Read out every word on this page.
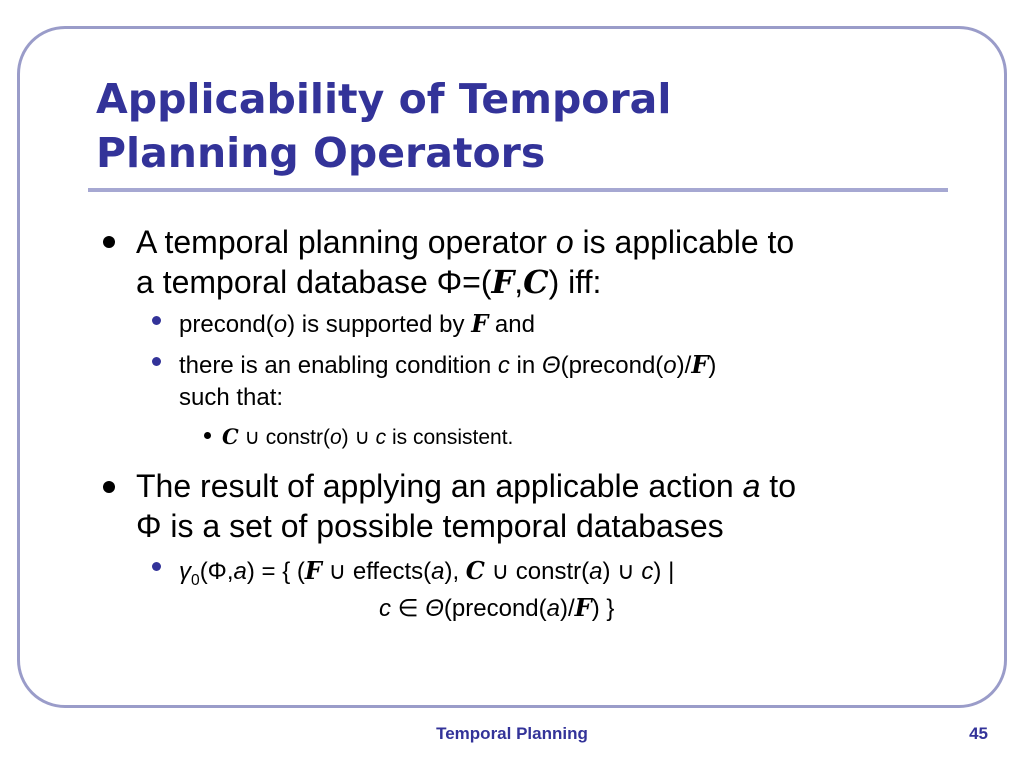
Applicability of Temporal
Planning Operators
A temporal planning operator o is applicable to
a temporal database Φ=(F,C) iff:
precond(o) is supported by F and
there is an enabling condition c in Θ(precond(o)/F)
such that:
C ∪ constr(o) ∪ c is consistent.
The result of applying an applicable action a to
Φ is a set of possible temporal databases
$\gamma_0(\Phi,a)$ = { (F ∪ effects(a), C ∪ constr(a) ∪ c) |
c ∈ Θ(precond(a)/F) }
Temporal Planning	45
